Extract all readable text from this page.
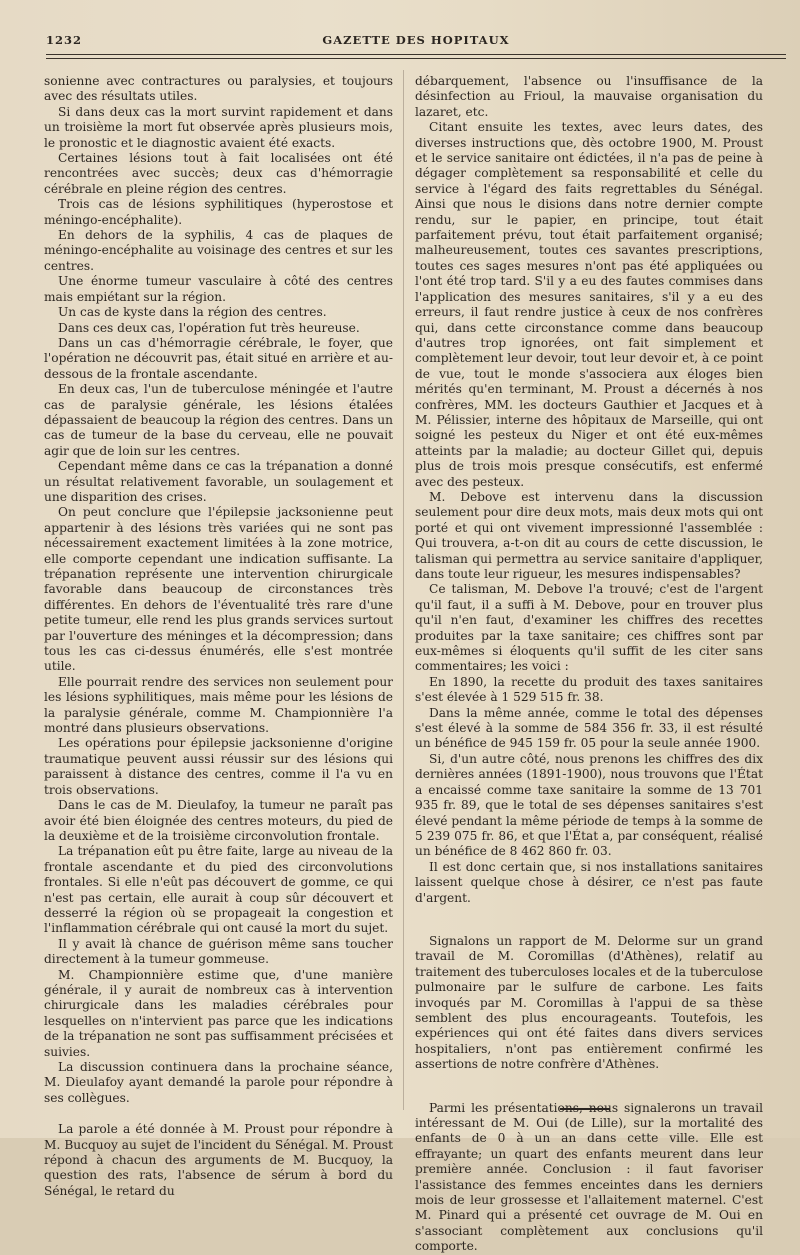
1232	GAZETTE DES HOPITAUX

sonienne avec contractures ou paralysies, et toujours avec des résultats utiles.

Si dans deux cas la mort survint rapidement et dans un troisième la mort fut observée après plusieurs mois, le pronostic et le diagnostic avaient été exacts.

Certaines lésions tout à fait localisées ont été rencontrées avec succès; deux cas d'hémorragie cérébrale en pleine région des centres.

Trois cas de lésions syphilitiques (hyperostose et méningo-encéphalite).

En dehors de la syphilis, 4 cas de plaques de méningo-encéphalite au voisinage des centres et sur les centres.

Une énorme tumeur vasculaire à côté des centres mais empiétant sur la région.

Un cas de kyste dans la région des centres.

Dans ces deux cas, l'opération fut très heureuse.

Dans un cas d'hémorragie cérébrale, le foyer, que l'opération ne découvrit pas, était situé en arrière et au-dessous de la frontale ascendante.

En deux cas, l'un de tuberculose méningée et l'autre cas de paralysie générale, les lésions étalées dépassaient de beaucoup la région des centres. Dans un cas de tumeur de la base du cerveau, elle ne pouvait agir que de loin sur les centres.

Cependant même dans ce cas la trépanation a donné un résultat relativement favorable, un soulagement et une disparition des crises.

On peut conclure que l'épilepsie jacksonienne peut appartenir à des lésions très variées qui ne sont pas nécessairement exactement limitées à la zone motrice, elle comporte cependant une indication suffisante. La trépanation représente une intervention chirurgicale favorable dans beaucoup de circonstances très différentes. En dehors de l'éventualité très rare d'une petite tumeur, elle rend les plus grands services surtout par l'ouverture des méninges et la décompression; dans tous les cas ci-dessus énumérés, elle s'est montrée utile.

Elle pourrait rendre des services non seulement pour les lésions syphilitiques, mais même pour les lésions de la paralysie générale, comme M. Championnière l'a montré dans plusieurs observations.

Les opérations pour épilepsie jacksonienne d'origine traumatique peuvent aussi réussir sur des lésions qui paraissent à distance des centres, comme il l'a vu en trois observations.

Dans le cas de M. Dieulafoy, la tumeur ne paraît pas avoir été bien éloignée des centres moteurs, du pied de la deuxième et de la troisième circonvolution frontale.

La trépanation eût pu être faite, large au niveau de la frontale ascendante et du pied des circonvolutions frontales. Si elle n'eût pas découvert de gomme, ce qui n'est pas certain, elle aurait à coup sûr découvert et desserré la région où se propageait la congestion et l'inflammation cérébrale qui ont causé la mort du sujet.

Il y avait là chance de guérison même sans toucher directement à la tumeur gommeuse.

M. Championnière estime que, d'une manière générale, il y aurait de nombreux cas à intervention chirurgicale dans les maladies cérébrales pour lesquelles on n'intervient pas parce que les indications de la trépanation ne sont pas suffisamment précisées et suivies.

La discussion continuera dans la prochaine séance, M. Dieulafoy ayant demandé la parole pour répondre à ses collègues.

La parole a été donnée à M. Proust pour répondre à M. Bucquoy au sujet de l'incident du Sénégal. M. Proust répond à chacun des arguments de M. Bucquoy, la question des rats, l'absence de sérum à bord du Sénégal, le retard du

débarquement, l'absence ou l'insuffisance de la désinfection au Frioul, la mauvaise organisation du lazaret, etc.

Citant ensuite les textes, avec leurs dates, des diverses instructions que, dès octobre 1900, M. Proust et le service sanitaire ont édictées, il n'a pas de peine à dégager complètement sa responsabilité et celle du service à l'égard des faits regrettables du Sénégal. Ainsi que nous le disions dans notre dernier compte rendu, sur le papier, en principe, tout était parfaitement prévu, tout était parfaitement organisé; malheureusement, toutes ces savantes prescriptions, toutes ces sages mesures n'ont pas été appliquées ou l'ont été trop tard. S'il y a eu des fautes commises dans l'application des mesures sanitaires, s'il y a eu des erreurs, il faut rendre justice à ceux de nos confrères qui, dans cette circonstance comme dans beaucoup d'autres trop ignorées, ont fait simplement et complètement leur devoir, tout leur devoir et, à ce point de vue, tout le monde s'associera aux éloges bien mérités qu'en terminant, M. Proust a décernés à nos confrères, MM. les docteurs Gauthier et Jacques et à M. Pélissier, interne des hôpitaux de Marseille, qui ont soigné les pesteux du Niger et ont été eux-mêmes atteints par la maladie; au docteur Gillet qui, depuis plus de trois mois presque consécutifs, est enfermé avec des pesteux.

M. Debove est intervenu dans la discussion seulement pour dire deux mots, mais deux mots qui ont porté et qui ont vivement impressionné l'assemblée : Qui trouvera, a-t-on dit au cours de cette discussion, le talisman qui permettra au service sanitaire d'appliquer, dans toute leur rigueur, les mesures indispensables?

Ce talisman, M. Debove l'a trouvé; c'est de l'argent qu'il faut, il a suffi à M. Debove, pour en trouver plus qu'il n'en faut, d'examiner les chiffres des recettes produites par la taxe sanitaire; ces chiffres sont par eux-mêmes si éloquents qu'il suffit de les citer sans commentaires; les voici :

En 1890, la recette du produit des taxes sanitaires s'est élevée à 1 529 515 fr. 38.

Dans la même année, comme le total des dépenses s'est élevé à la somme de 584 356 fr. 33, il est résulté un bénéfice de 945 159 fr. 05 pour la seule année 1900.

Si, d'un autre côté, nous prenons les chiffres des dix dernières années (1891-1900), nous trouvons que l'État a encaissé comme taxe sanitaire la somme de 13 701 935 fr. 89, que le total de ses dépenses sanitaires s'est élevé pendant la même période de temps à la somme de 5 239 075 fr. 86, et que l'État a, par conséquent, réalisé un bénéfice de 8 462 860 fr. 03.

Il est donc certain que, si nos installations sanitaires laissent quelque chose à désirer, ce n'est pas faute d'argent.

Signalons un rapport de M. Delorme sur un grand travail de M. Coromillas (d'Athènes), relatif au traitement des tuberculoses locales et de la tuberculose pulmonaire par le sulfure de carbone. Les faits invoqués par M. Coromillas à l'appui de sa thèse semblent des plus encourageants. Toutefois, les expériences qui ont été faites dans divers services hospitaliers, n'ont pas entièrement confirmé les assertions de notre confrère d'Athènes.

Parmi les présentations, nous signalerons un travail intéressant de M. Oui (de Lille), sur la mortalité des enfants de 0 à un an dans cette ville. Elle est effrayante; un quart des enfants meurent dans leur première année. Conclusion : il faut favoriser l'assistance des femmes enceintes dans les derniers mois de leur grossesse et l'allaitement maternel. C'est M. Pinard qui a présenté cet ouvrage de M. Oui en s'associant complètement aux conclusions qu'il comporte.
